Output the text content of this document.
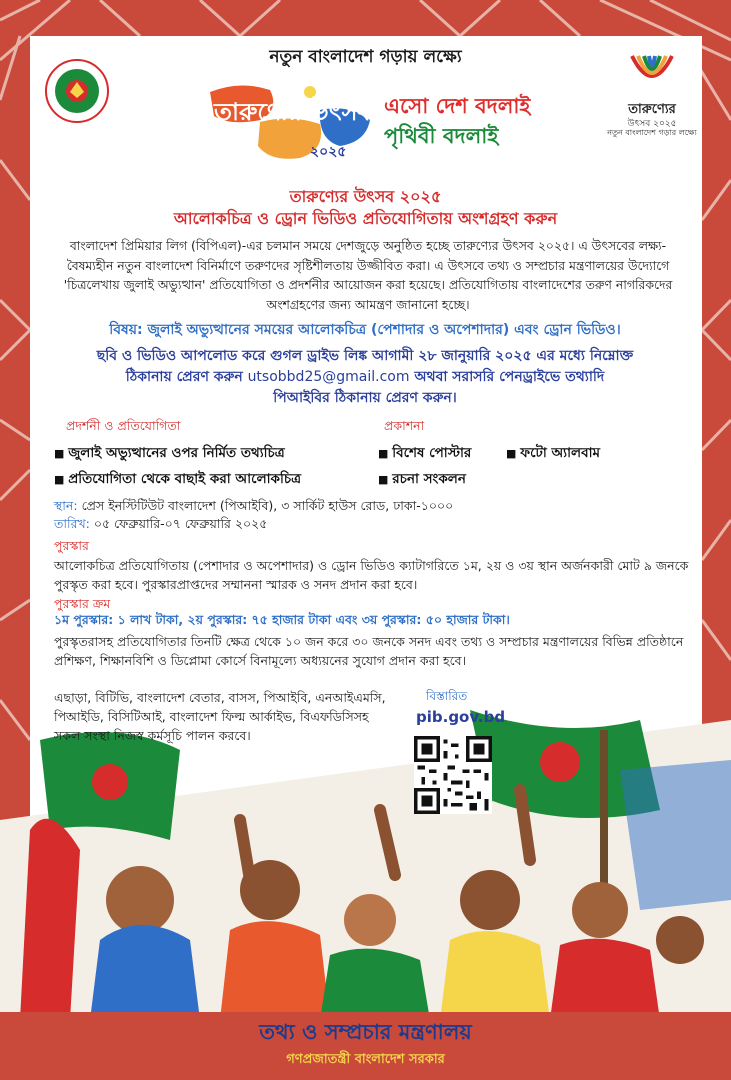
নতুন বাংলাদেশ গড়ায় লক্ষ্যে
তারুণ্যের উৎসব
২০২৫
এসো দেশ বদলাই
পৃথিবী বদলাই
তারুণ্যের
উৎসব ২০২৫
নতুন বাংলাদেশ গড়ার লক্ষ্যে
তারুণ্যের উৎসব ২০২৫
আলোকচিত্র ও ড্রোন ভিডিও প্রতিযোগিতায় অংশগ্রহণ করুন
বাংলাদেশ প্রিমিয়ার লিগ (বিপিএল)-এর চলমান সময়ে দেশজুড়ে অনুষ্ঠিত হচ্ছে তারুণ্যের উৎসব ২০২৫। এ উৎসবের লক্ষ্য- বৈষম্যহীন নতুন বাংলাদেশ বিনির্মাণে তরুণদের সৃষ্টিশীলতায় উজ্জীবিত করা। এ উৎসবে তথ্য ও সম্প্রচার মন্ত্রণালয়ের উদ্যোগে 'চিত্রলেখায় জুলাই অভ্যুত্থান' প্রতিযোগিতা ও প্রদর্শনীর আয়োজন করা হয়েছে। প্রতিযোগিতায় বাংলাদেশের তরুণ নাগরিকদের অংশগ্রহণের জন্য আমন্ত্রণ জানানো হচ্ছে।
বিষয়: জুলাই অভ্যুত্থানের সময়ের আলোকচিত্র (পেশাদার ও অপেশাদার) এবং ড্রোন ভিডিও।
ছবি ও ভিডিও আপলোড করে গুগল ড্রাইভ লিঙ্ক আগামী ২৮ জানুয়ারি ২০২৫ এর মধ্যে নিম্নোক্ত
ঠিকানায় প্রেরণ করুন utsobbd25@gmail.com অথবা সরাসরি পেনড্রাইভে তথ্যাদি
পিআইবির ঠিকানায় প্রেরণ করুন।
প্রদর্শনী ও প্রতিযোগিতা
■ জুলাই অভ্যুত্থানের ওপর নির্মিত তথ্যচিত্র
■ প্রতিযোগিতা থেকে বাছাই করা আলোকচিত্র
প্রকাশনা
■ বিশেষ পোস্টার
■	ফটো অ্যালবাম
■ রচনা সংকলন
স্থান: প্রেস ইনস্টিটিউট বাংলাদেশ (পিআইবি), ৩ সার্কিট হাউস রোড, ঢাকা-১০০০
তারিখ: ০৫ ফেব্রুয়ারি-০৭ ফেব্রুয়ারি ২০২৫
পুরস্কার
আলোকচিত্র প্রতিযোগিতায় (পেশাদার ও অপেশাদার) ও ড্রোন ভিডিও ক্যাটাগরিতে ১ম, ২য় ও ৩য় স্থান অর্জনকারী মোট ৯ জনকে পুরস্কৃত করা হবে। পুরস্কারপ্রাপ্তদের সম্মাননা স্মারক ও সনদ প্রদান করা হবে।
পুরস্কার ক্রম
১ম পুরস্কার: ১ লাখ টাকা, ২য় পুরস্কার: ৭৫ হাজার টাকা এবং ৩য় পুরস্কার: ৫০ হাজার টাকা।
পুরস্কৃতরাসহ প্রতিযোগিতার তিনটি ক্ষেত্র থেকে ১০ জন করে ৩০ জনকে সনদ এবং তথ্য ও সম্প্রচার মন্ত্রণালয়ের বিভিন্ন প্রতিষ্ঠানে প্রশিক্ষণ, শিক্ষানবিশি ও ডিপ্লোমা কোর্সে বিনামূল্যে অধ্যয়নের সুযোগ প্রদান করা হবে।
এছাড়া, বিটিভি, বাংলাদেশ বেতার, বাসস, পিআইবি, এনআইএমসি, পিআইডি, বিসিটিআই, বাংলাদেশ ফিল্ম আর্কাইভ, বিএফডিসিসহ সকল সংস্থা নিজস্ব কর্মসূচি পালন করবে।
বিস্তারিত
pib.gov.bd
তথ্য ও সম্প্রচার মন্ত্রণালয়
গণপ্রজাতন্ত্রী বাংলাদেশ সরকার
